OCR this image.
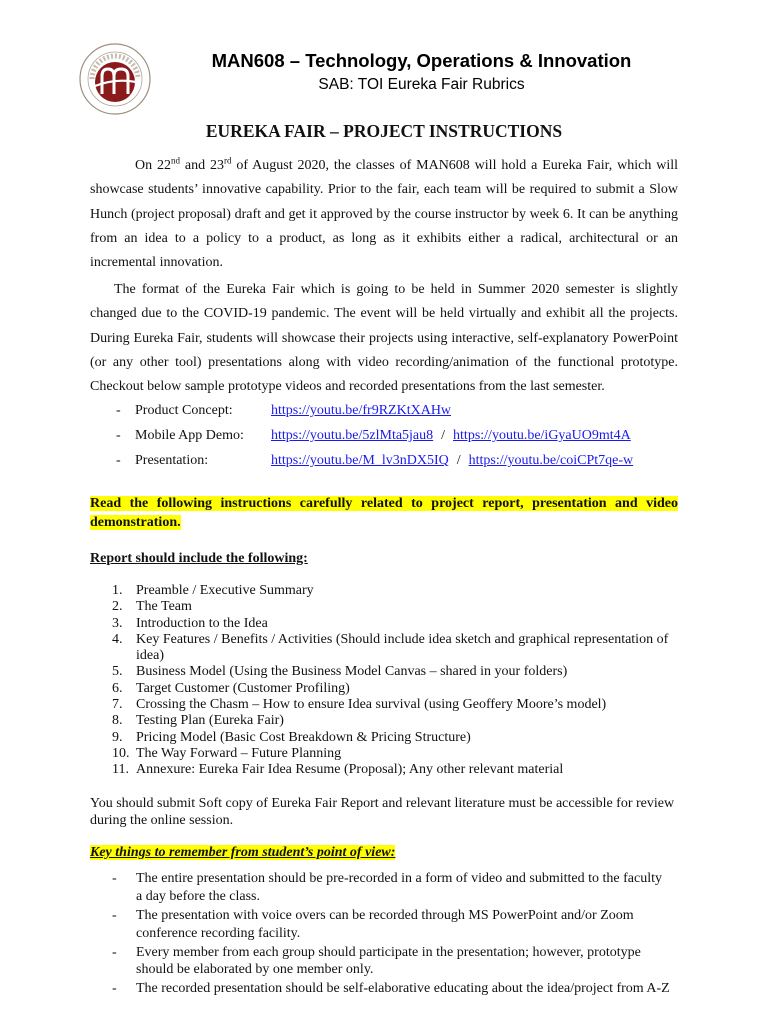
MAN608 – Technology, Operations & Innovation
SAB: TOI Eureka Fair Rubrics
EUREKA FAIR – PROJECT INSTRUCTIONS

On 22nd and 23rd of August 2020, the classes of MAN608 will hold a Eureka Fair, which will showcase students’ innovative capability. Prior to the fair, each team will be required to submit a Slow Hunch (project proposal) draft and get it approved by the course instructor by week 6. It can be anything from an idea to a policy to a product, as long as it exhibits either a radical, architectural or an incremental innovation.

The format of the Eureka Fair which is going to be held in Summer 2020 semester is slightly changed due to the COVID-19 pandemic. The event will be held virtually and exhibit all the projects. During Eureka Fair, students will showcase their projects using interactive, self-explanatory PowerPoint (or any other tool) presentations along with video recording/animation of the functional prototype. Checkout below sample prototype videos and recorded presentations from the last semester.

-	Product Concept:	https://youtu.be/fr9RZKtXAHw
-	Mobile App Demo:	https://youtu.be/5zlMta5jau8 / https://youtu.be/iGyaUO9mt4A
-	Presentation:	https://youtu.be/M_lv3nDX5IQ / https://youtu.be/coiCPt7qe-w
Read the following instructions carefully related to project report, presentation and video
demonstration.
Report should include the following:
1. Preamble / Executive Summary
2. The Team
3. Introduction to the Idea
4. Key Features / Benefits / Activities (Should include idea sketch and graphical representation of idea)
5. Business Model (Using the Business Model Canvas – shared in your folders)
6. Target Customer (Customer Profiling)
7. Crossing the Chasm – How to ensure Idea survival (using Geoffery Moore’s model)
8. Testing Plan (Eureka Fair)
9. Pricing Model (Basic Cost Breakdown & Pricing Structure)
10. The Way Forward – Future Planning
11. Annexure: Eureka Fair Idea Resume (Proposal); Any other relevant material

You should submit Soft copy of Eureka Fair Report and relevant literature must be accessible for review during the online session.

Key things to remember from student’s point of view:
-	The entire presentation should be pre-recorded in a form of video and submitted to the faculty a day before the class.
-	The presentation with voice overs can be recorded through MS PowerPoint and/or Zoom conference recording facility.
-	Every member from each group should participate in the presentation; however, prototype should be elaborated by one member only.
-	The recorded presentation should be self-elaborative educating about the idea/project from A-Z
